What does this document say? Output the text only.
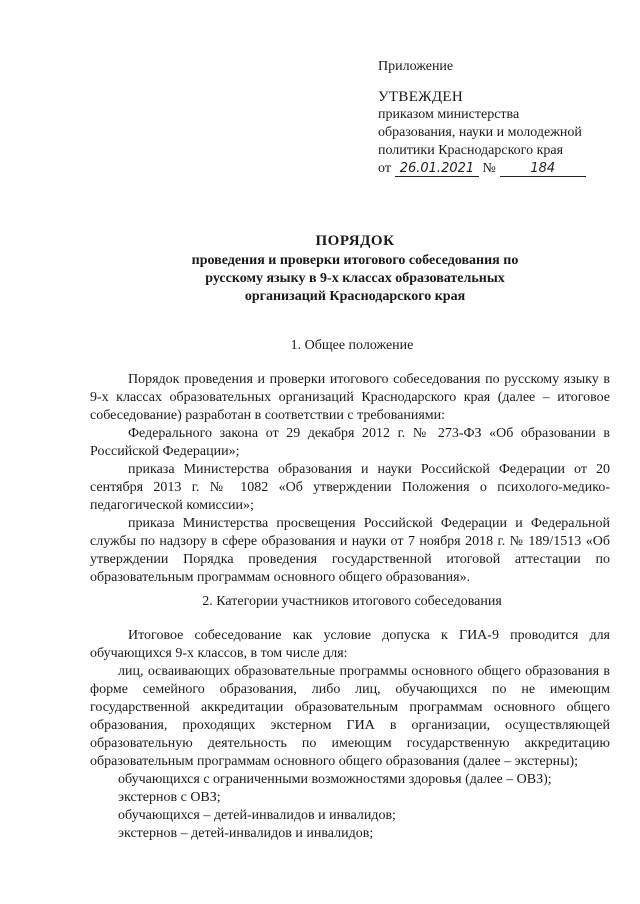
Приложение
УТВЕЖДЕН
приказом министерства
образования, науки и молодежной
политики Краснодарского края
от 26.01.2021 №	184
ПОРЯДОК
проведения и проверки итогового собеседования по
русскому языку в 9-х классах образовательных
организаций Краснодарского края
1. Общее положение

Порядок проведения и проверки итогового собеседования по русскому языку в 9-х классах образовательных организаций Краснодарского края (далее – итоговое собеседование) разработан в соответствии с требованиями:

Федерального закона от 29 декабря 2012 г. № 273-ФЗ «Об образовании в Российской Федерации»;

приказа Министерства образования и науки Российской Федерации от 20 сентября 2013 г. № 1082 «Об утверждении Положения о психолого-медико-педагогической комиссии»;

приказа Министерства просвещения Российской Федерации и Федеральной службы по надзору в сфере образования и науки от 7 ноября 2018 г. № 189/1513 «Об утверждении Порядка проведения государственной итоговой аттестации по образовательным программам основного общего образования».

2. Категории участников итогового собеседования

Итоговое собеседование как условие допуска к ГИА-9 проводится для обучающихся 9-х классов, в том числе для:

лиц, осваивающих образовательные программы основного общего образования в форме семейного образования, либо лиц, обучающихся по не имеющим государственной аккредитации образовательным программам основного общего образования, проходящих экстерном ГИА в организации, осуществляющей образовательную деятельность по имеющим государственную аккредитацию образовательным программам основного общего образования (далее – экстерны);

обучающихся с ограниченными возможностями здоровья (далее – ОВЗ);

экстернов с ОВЗ;

обучающихся – детей-инвалидов и инвалидов;

экстернов – детей-инвалидов и инвалидов;
